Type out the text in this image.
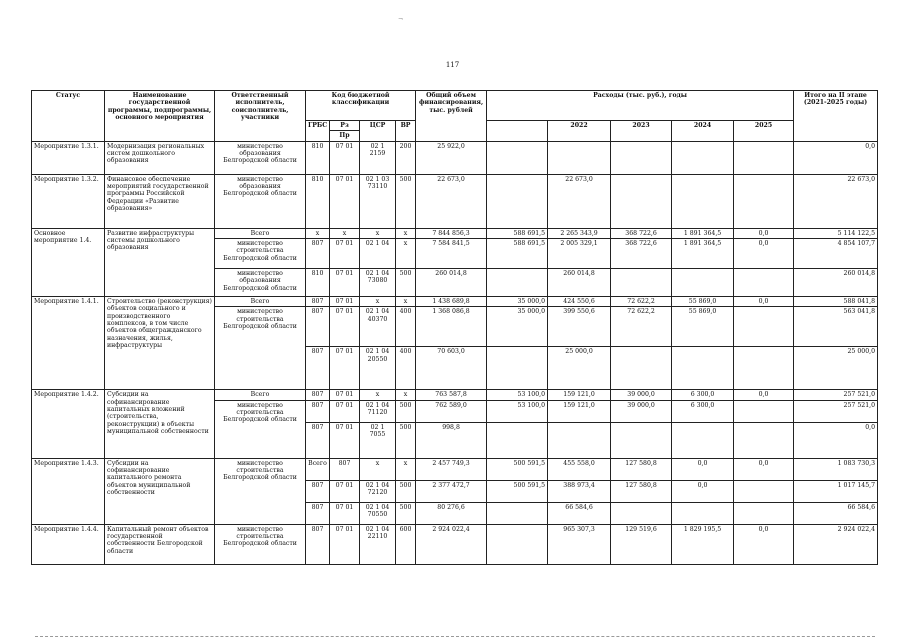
¬
117
Статус	Наименование государственной программы, подпрограммы, основного мероприятия	Ответственный исполнитель, соисполнитель, участники	Код бюджетной классификации				Общий объем финансирования, тыс. рублей	Расходы (тыс. руб.), годы					Итого на II этапе (2021-2025 годы)
			ГРБС	Рз	ЦСР	ВР			2022	2023	2024	2025	
				Пр									
Мероприятие 1.3.1.	Модернизация региональных систем дошкольного образования	министерство образования Белгородской области	810	07 01	02 1 2159	200	25 922,0						0,0
Мероприятие 1.3.2.	Финансовое обеспечение мероприятий государственной программы Российской Федерации «Развитие образования»	министерство образования Белгородской области	810	07 01	02 1 03 73110	500	22 673,0		22 673,0				22 673,0
Основное мероприятие 1.4.	Развитие инфраструктуры системы дошкольного образования	Всего	х	х	х	х	7 844 856,3	588 691,5	2 265 343,9	368 722,6	1 891 364,5	0,0	5 114 122,5
		министерство строительства Белгородской области	807	07 01	02 1 04	х	7 584 841,5	588 691,5	2 005 329,1	368 722,6	1 891 364,5	0,0	4 854 107,7
		министерство образования Белгородской области	810	07 01	02 1 04 73080	500	260 014,8		260 014,8				260 014,8
Мероприятие 1.4.1.	Строительство (реконструкция) объектов социального и производственного комплексов, в том числе объектов общегражданского назначения, жилья, инфраструктуры	Всего	807	07 01	х	х	1 438 689,8	35 000,0	424 550,6	72 622,2	55 869,0	0,0	588 041,8
		министерство строительства Белгородской области	807	07 01	02 1 04 40370	400	1 368 086,8	35 000,0	399 550,6	72 622,2	55 869,0		563 041,8
			807	07 01	02 1 04 20550	400	70 603,0		25 000,0				25 000,0
Мероприятие 1.4.2.	Субсидии на софинансирование капитальных вложений (строительства, реконструкции) в объекты муниципальной собственности	Всего	807	07 01	х	х	763 587,8	53 100,0	159 121,0	39 000,0	6 300,0	0,0	257 521,0
		министерство строительства Белгородской области	807	07 01	02 1 04 71120	500	762 589,0	53 100,0	159 121,0	39 000,0	6 300,0		257 521,0
			807	07 01	02 1 7055	500	998,8						0,0
Мероприятие 1.4.3.	Субсидии на софинансирование капитального ремонта объектов муниципальной собственности	министерство строительства Белгородской области	Всего	807	х	х	2 457 749,3	500 591,5	455 558,0	127 580,8	0,0	0,0	1 083 730,3
			807	07 01	02 1 04 72120	500	2 377 472,7	500 591,5	388 973,4	127 580,8	0,0		1 017 145,7
			807	07 01	02 1 04 70550	500	80 276,6		66 584,6				66 584,6
Мероприятие 1.4.4.	Капитальный ремонт объектов государственной собственности Белгородской области	министерство строительства Белгородской области	807	07 01	02 1 04 22110	600	2 924 022,4		965 307,3	129 519,6	1 829 195,5	0,0	2 924 022,4
